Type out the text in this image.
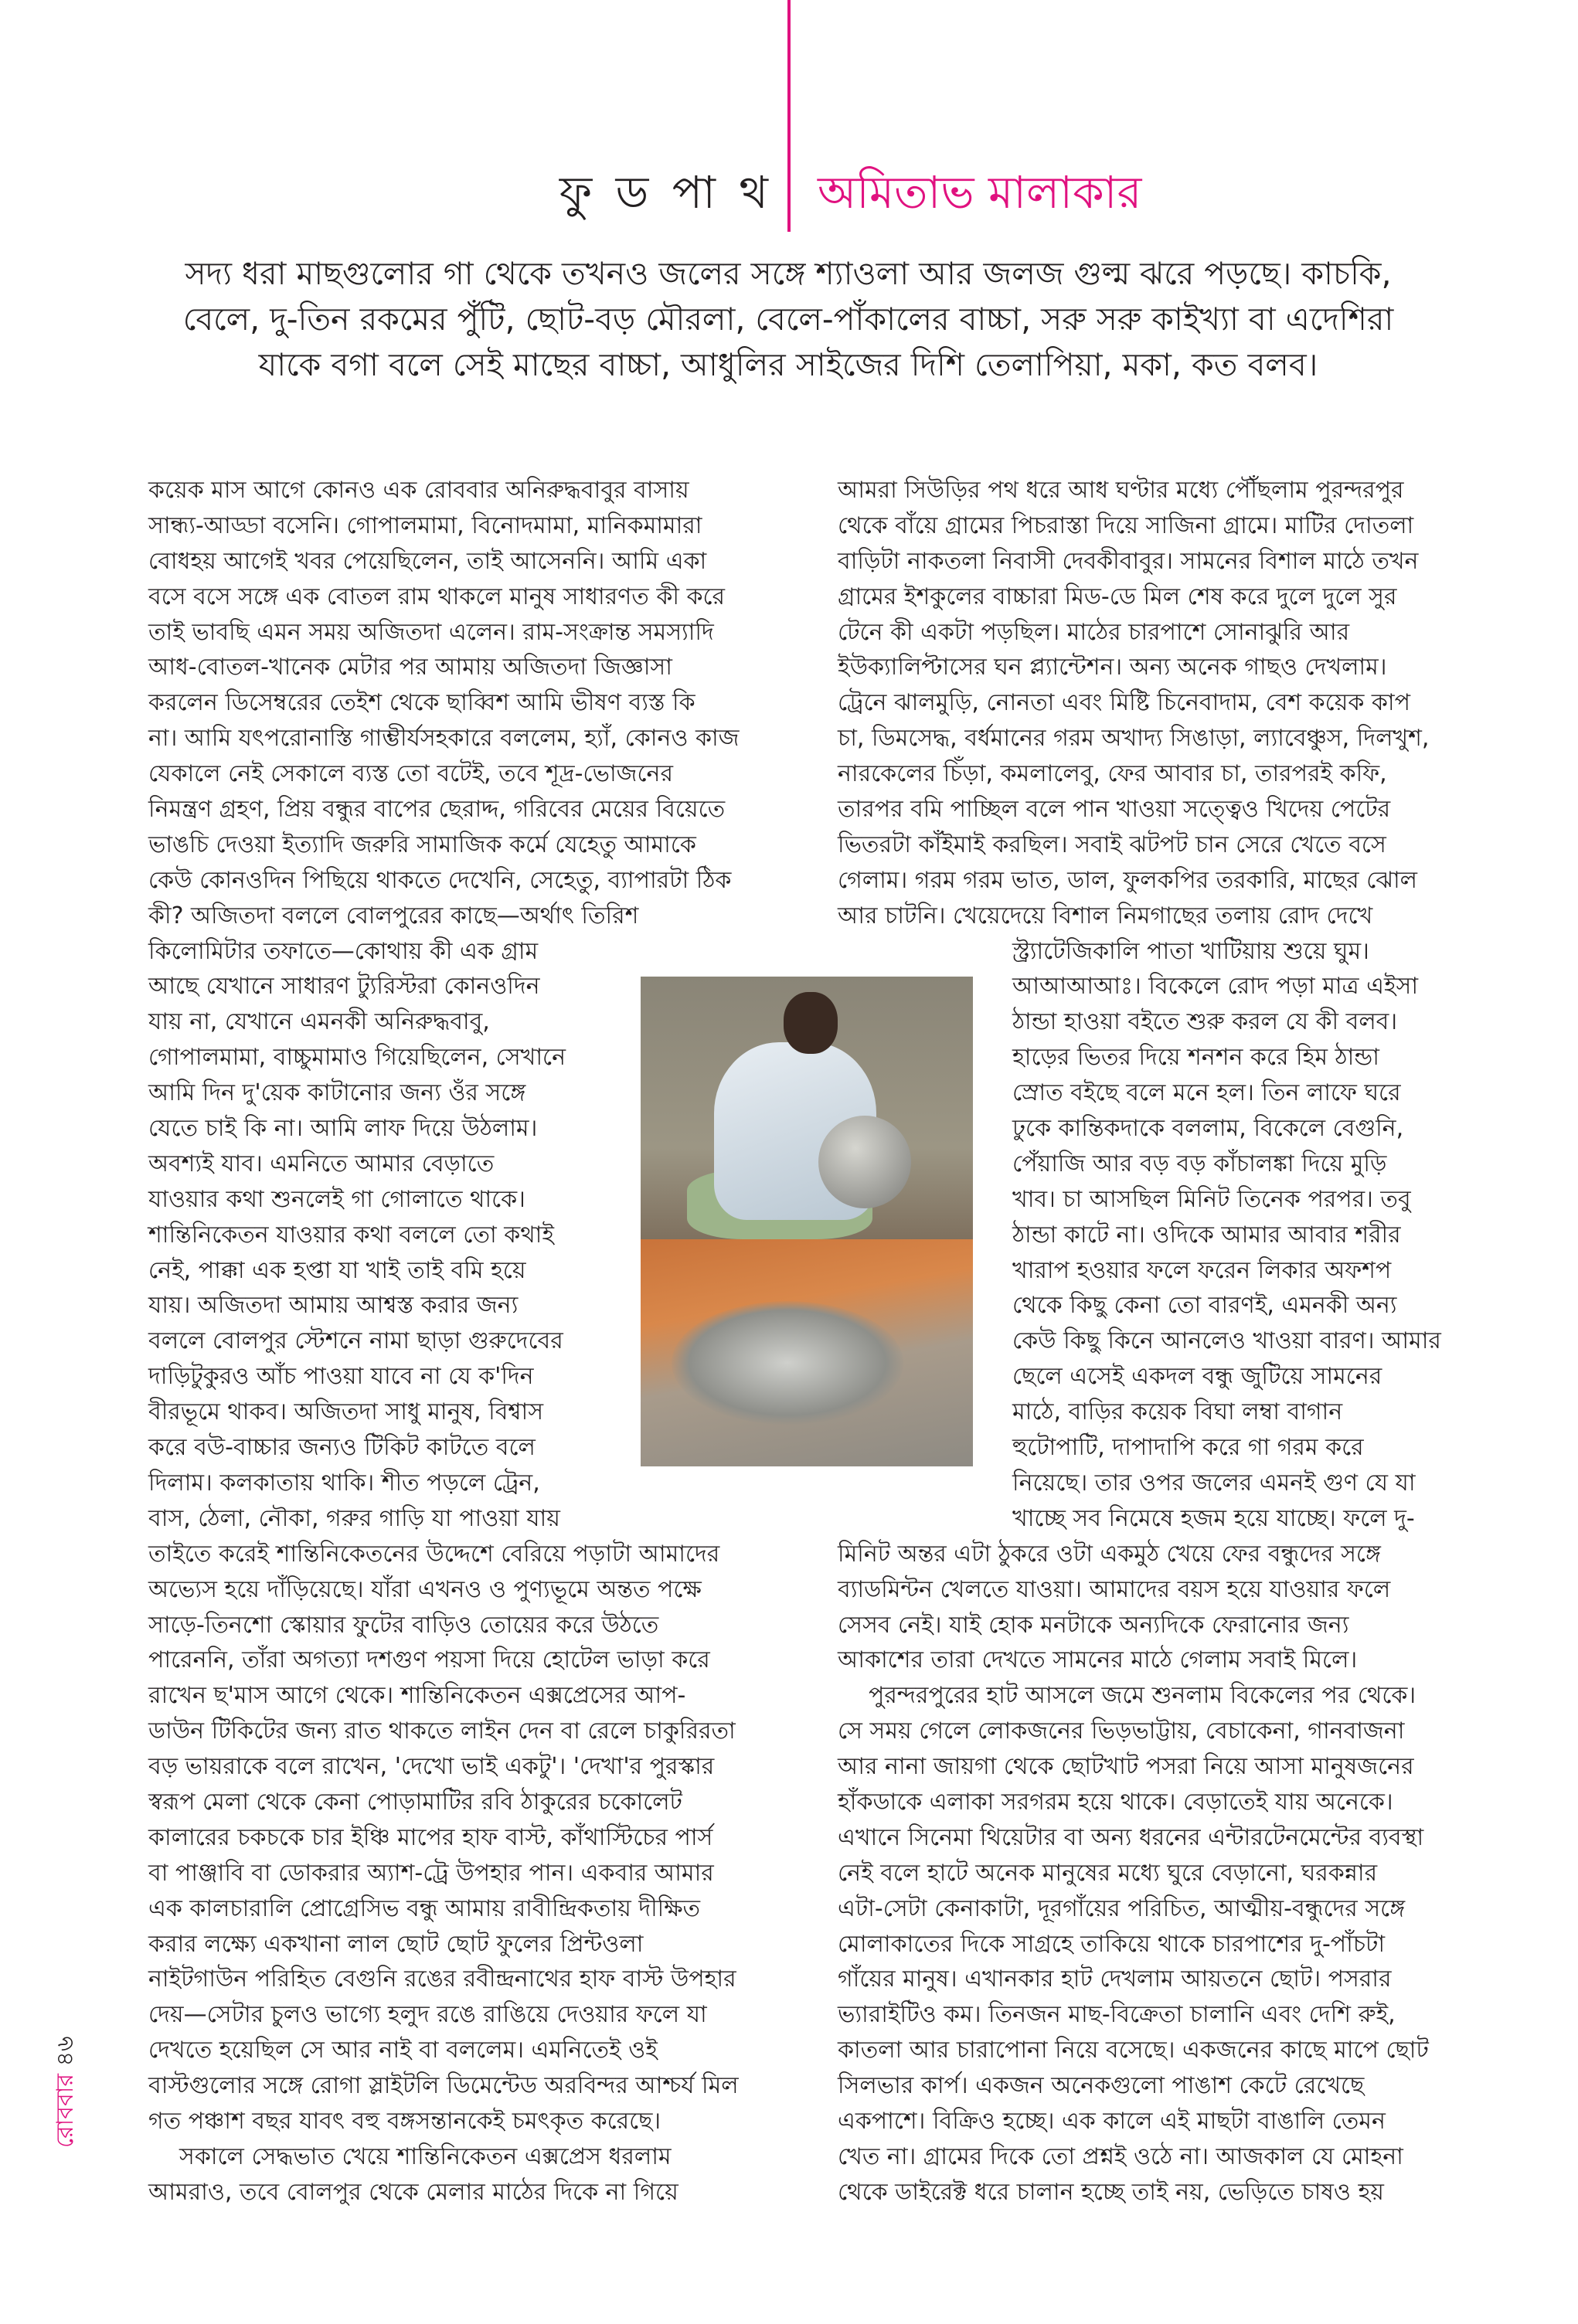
ফু ড পা থ অমিতাভ মালাকার
সদ্য ধরা মাছগুলোর গা থেকে তখনও জলের সঙ্গে শ্যাওলা আর জলজ গুল্ম ঝরে পড়ছে। কাচকি,
বেলে, দু-তিন রকমের পুঁটি, ছোট-বড় মৌরলা, বেলে-পাঁকালের বাচ্চা, সরু সরু কাইখ্যা বা এদেশিরা
যাকে বগা বলে সেই মাছের বাচ্চা, আধুলির সাইজের দিশি তেলাপিয়া, মকা, কত বলব।
কয়েক মাস আগে কোনও এক রোববার অনিরুদ্ধবাবুর বাসায়
সান্ধ্য-আড্ডা বসেনি। গোপালমামা, বিনোদমামা, মানিকমামারা
বোধহয় আগেই খবর পেয়েছিলেন, তাই আসেননি। আমি একা
বসে বসে সঙ্গে এক বোতল রাম থাকলে মানুষ সাধারণত কী করে
তাই ভাবছি এমন সময় অজিতদা এলেন। রাম-সংক্রান্ত সমস্যাদি
আধ-বোতল-খানেক মেটার পর আমায় অজিতদা জিজ্ঞাসা
করলেন ডিসেম্বরের তেইশ থেকে ছাব্বিশ আমি ভীষণ ব্যস্ত কি
না। আমি যৎপরোনাস্তি গাম্ভীর্যসহকারে বললেম, হ্যাঁ, কোনও কাজ
যেকালে নেই সেকালে ব্যস্ত তো বটেই, তবে শূদ্র-ভোজনের
নিমন্ত্রণ গ্রহণ, প্রিয় বন্ধুর বাপের ছেরাদ্দ, গরিবের মেয়ের বিয়েতে
ভাঙচি দেওয়া ইত্যাদি জরুরি সামাজিক কর্মে যেহেতু আমাকে
কেউ কোনওদিন পিছিয়ে থাকতে দেখেনি, সেহেতু, ব্যাপারটা ঠিক
কী? অজিতদা বললে বোলপুরের কাছে—অর্থাৎ তিরিশ
কিলোমিটার তফাতে—কোথায় কী এক গ্রাম
আছে যেখানে সাধারণ ট্যুরিস্টরা কোনওদিন
যায় না, যেখানে এমনকী অনিরুদ্ধবাবু,
গোপালমামা, বাচ্চুমামাও গিয়েছিলেন, সেখানে
আমি দিন দু'য়েক কাটানোর জন্য ওঁর সঙ্গে
যেতে চাই কি না। আমি লাফ দিয়ে উঠলাম।
অবশ্যই যাব। এমনিতে আমার বেড়াতে
যাওয়ার কথা শুনলেই গা গোলাতে থাকে।
শান্তিনিকেতন যাওয়ার কথা বললে তো কথাই
নেই, পাক্কা এক হপ্তা যা খাই তাই বমি হয়ে
যায়। অজিতদা আমায় আশ্বস্ত করার জন্য
বললে বোলপুর স্টেশনে নামা ছাড়া গুরুদেবের
দাড়িটুকুরও আঁচ পাওয়া যাবে না যে ক'দিন
বীরভূমে থাকব। অজিতদা সাধু মানুষ, বিশ্বাস
করে বউ-বাচ্চার জন্যও টিকিট কাটতে বলে
দিলাম। কলকাতায় থাকি। শীত পড়লে ট্রেন,
বাস, ঠেলা, নৌকা, গরুর গাড়ি যা পাওয়া যায়
তাইতে করেই শান্তিনিকেতনের উদ্দেশে বেরিয়ে পড়াটা আমাদের
অভ্যেস হয়ে দাঁড়িয়েছে। যাঁরা এখনও ও পুণ্যভূমে অন্তত পক্ষে
সাড়ে-তিনশো স্কোয়ার ফুটের বাড়িও তোয়ের করে উঠতে
পারেননি, তাঁরা অগত্যা দশগুণ পয়সা দিয়ে হোটেল ভাড়া করে
রাখেন ছ'মাস আগে থেকে। শান্তিনিকেতন এক্সপ্রেসের আপ-
ডাউন টিকিটের জন্য রাত থাকতে লাইন দেন বা রেলে চাকুরিরতা
বড় ভায়রাকে বলে রাখেন, 'দেখো ভাই একটু'। 'দেখা'র পুরস্কার
স্বরূপ মেলা থেকে কেনা পোড়ামাটির রবি ঠাকুরের চকোলেট
কালারের চকচকে চার ইঞ্চি মাপের হাফ বাস্ট, কাঁথাস্টিচের পার্স
বা পাঞ্জাবি বা ডোকরার অ্যাশ-ট্রে উপহার পান। একবার আমার
এক কালচারালি প্রোগ্রেসিভ বন্ধু আমায় রাবীন্দ্রিকতায় দীক্ষিত
করার লক্ষ্যে একখানা লাল ছোট ছোট ফুলের প্রিন্টওলা
নাইটগাউন পরিহিত বেগুনি রঙের রবীন্দ্রনাথের হাফ বাস্ট উপহার
দেয়—সেটার চুলও ভাগ্যে হলুদ রঙে রাঙিয়ে দেওয়ার ফলে যা
দেখতে হয়েছিল সে আর নাই বা বললেম। এমনিতেই ওই
বাস্টগুলোর সঙ্গে রোগা স্লাইটলি ডিমেন্টেড অরবিন্দর আশ্চর্য মিল
গত পঞ্চাশ বছর যাবৎ বহু বঙ্গসন্তানকেই চমৎকৃত করেছে।
সকালে সেদ্ধভাত খেয়ে শান্তিনিকেতন এক্সপ্রেস ধরলাম
আমরাও, তবে বোলপুর থেকে মেলার মাঠের দিকে না গিয়ে
আমরা সিউড়ির পথ ধরে আধ ঘণ্টার মধ্যে পৌঁছলাম পুরন্দরপুর
থেকে বাঁয়ে গ্রামের পিচরাস্তা দিয়ে সাজিনা গ্রামে। মাটির দোতলা
বাড়িটা নাকতলা নিবাসী দেবকীবাবুর। সামনের বিশাল মাঠে তখন
গ্রামের ইশকুলের বাচ্চারা মিড-ডে মিল শেষ করে দুলে দুলে সুর
টেনে কী একটা পড়ছিল। মাঠের চারপাশে সোনাঝুরি আর
ইউক্যালিপ্টাসের ঘন প্ল্যান্টেশন। অন্য অনেক গাছও দেখলাম।
ট্রেনে ঝালমুড়ি, নোনতা এবং মিষ্টি চিনেবাদাম, বেশ কয়েক কাপ
চা, ডিমসেদ্ধ, বর্ধমানের গরম অখাদ্য সিঙাড়া, ল্যাবেঞ্চুস, দিলখুশ,
নারকেলের চিঁড়া, কমলালেবু, ফের আবার চা, তারপরই কফি,
তারপর বমি পাচ্ছিল বলে পান খাওয়া সত্ত্বেও খিদেয় পেটের
ভিতরটা কাঁইমাই করছিল। সবাই ঝটপট চান সেরে খেতে বসে
গেলাম। গরম গরম ভাত, ডাল, ফুলকপির তরকারি, মাছের ঝোল
আর চাটনি। খেয়েদেয়ে বিশাল নিমগাছের তলায় রোদ দেখে
স্ট্র্যাটেজিকালি পাতা খাটিয়ায় শুয়ে ঘুম।
আআআআঃ। বিকেলে রোদ পড়া মাত্র এইসা
ঠান্ডা হাওয়া বইতে শুরু করল যে কী বলব।
হাড়ের ভিতর দিয়ে শনশন করে হিম ঠান্ডা
স্রোত বইছে বলে মনে হল। তিন লাফে ঘরে
ঢুকে কান্তিকদাকে বললাম, বিকেলে বেগুনি,
পেঁয়াজি আর বড় বড় কাঁচালঙ্কা দিয়ে মুড়ি
খাব। চা আসছিল মিনিট তিনেক পরপর। তবু
ঠান্ডা কাটে না। ওদিকে আমার আবার শরীর
খারাপ হওয়ার ফলে ফরেন লিকার অফশপ
থেকে কিছু কেনা তো বারণই, এমনকী অন্য
কেউ কিছু কিনে আনলেও খাওয়া বারণ। আমার
ছেলে এসেই একদল বন্ধু জুটিয়ে সামনের
মাঠে, বাড়ির কয়েক বিঘা লম্বা বাগান
হুটোপাটি, দাপাদাপি করে গা গরম করে
নিয়েছে। তার ওপর জলের এমনই গুণ যে যা
খাচ্ছে সব নিমেষে হজম হয়ে যাচ্ছে। ফলে দু-
মিনিট অন্তর এটা ঠুকরে ওটা একমুঠ খেয়ে ফের বন্ধুদের সঙ্গে
ব্যাডমিন্টন খেলতে যাওয়া। আমাদের বয়স হয়ে যাওয়ার ফলে
সেসব নেই। যাই হোক মনটাকে অন্যদিকে ফেরানোর জন্য
আকাশের তারা দেখতে সামনের মাঠে গেলাম সবাই মিলে।
পুরন্দরপুরের হাট আসলে জমে শুনলাম বিকেলের পর থেকে।
সে সময় গেলে লোকজনের ভিড়ভাট্টায়, বেচাকেনা, গানবাজনা
আর নানা জায়গা থেকে ছোটখাট পসরা নিয়ে আসা মানুষজনের
হাঁকডাকে এলাকা সরগরম হয়ে থাকে। বেড়াতেই যায় অনেকে।
এখানে সিনেমা থিয়েটার বা অন্য ধরনের এন্টারটেনমেন্টের ব্যবস্থা
নেই বলে হাটে অনেক মানুষের মধ্যে ঘুরে বেড়ানো, ঘরকন্নার
এটা-সেটা কেনাকাটা, দূরগাঁয়ের পরিচিত, আত্মীয়-বন্ধুদের সঙ্গে
মোলাকাতের দিকে সাগ্রহে তাকিয়ে থাকে চারপাশের দু-পাঁচটা
গাঁয়ের মানুষ। এখানকার হাট দেখলাম আয়তনে ছোট। পসরার
ভ্যারাইটিও কম। তিনজন মাছ-বিক্রেতা চালানি এবং দেশি রুই,
কাতলা আর চারাপোনা নিয়ে বসেছে। একজনের কাছে মাপে ছোট
সিলভার কার্প। একজন অনেকগুলো পাঙাশ কেটে রেখেছে
একপাশে। বিক্রিও হচ্ছে। এক কালে এই মাছটা বাঙালি তেমন
খেত না। গ্রামের দিকে তো প্রশ্নই ওঠে না। আজকাল যে মোহনা
থেকে ডাইরেক্ট ধরে চালান হচ্ছে তাই নয়, ভেড়িতে চাষও হয়
রোববার ৪৬
